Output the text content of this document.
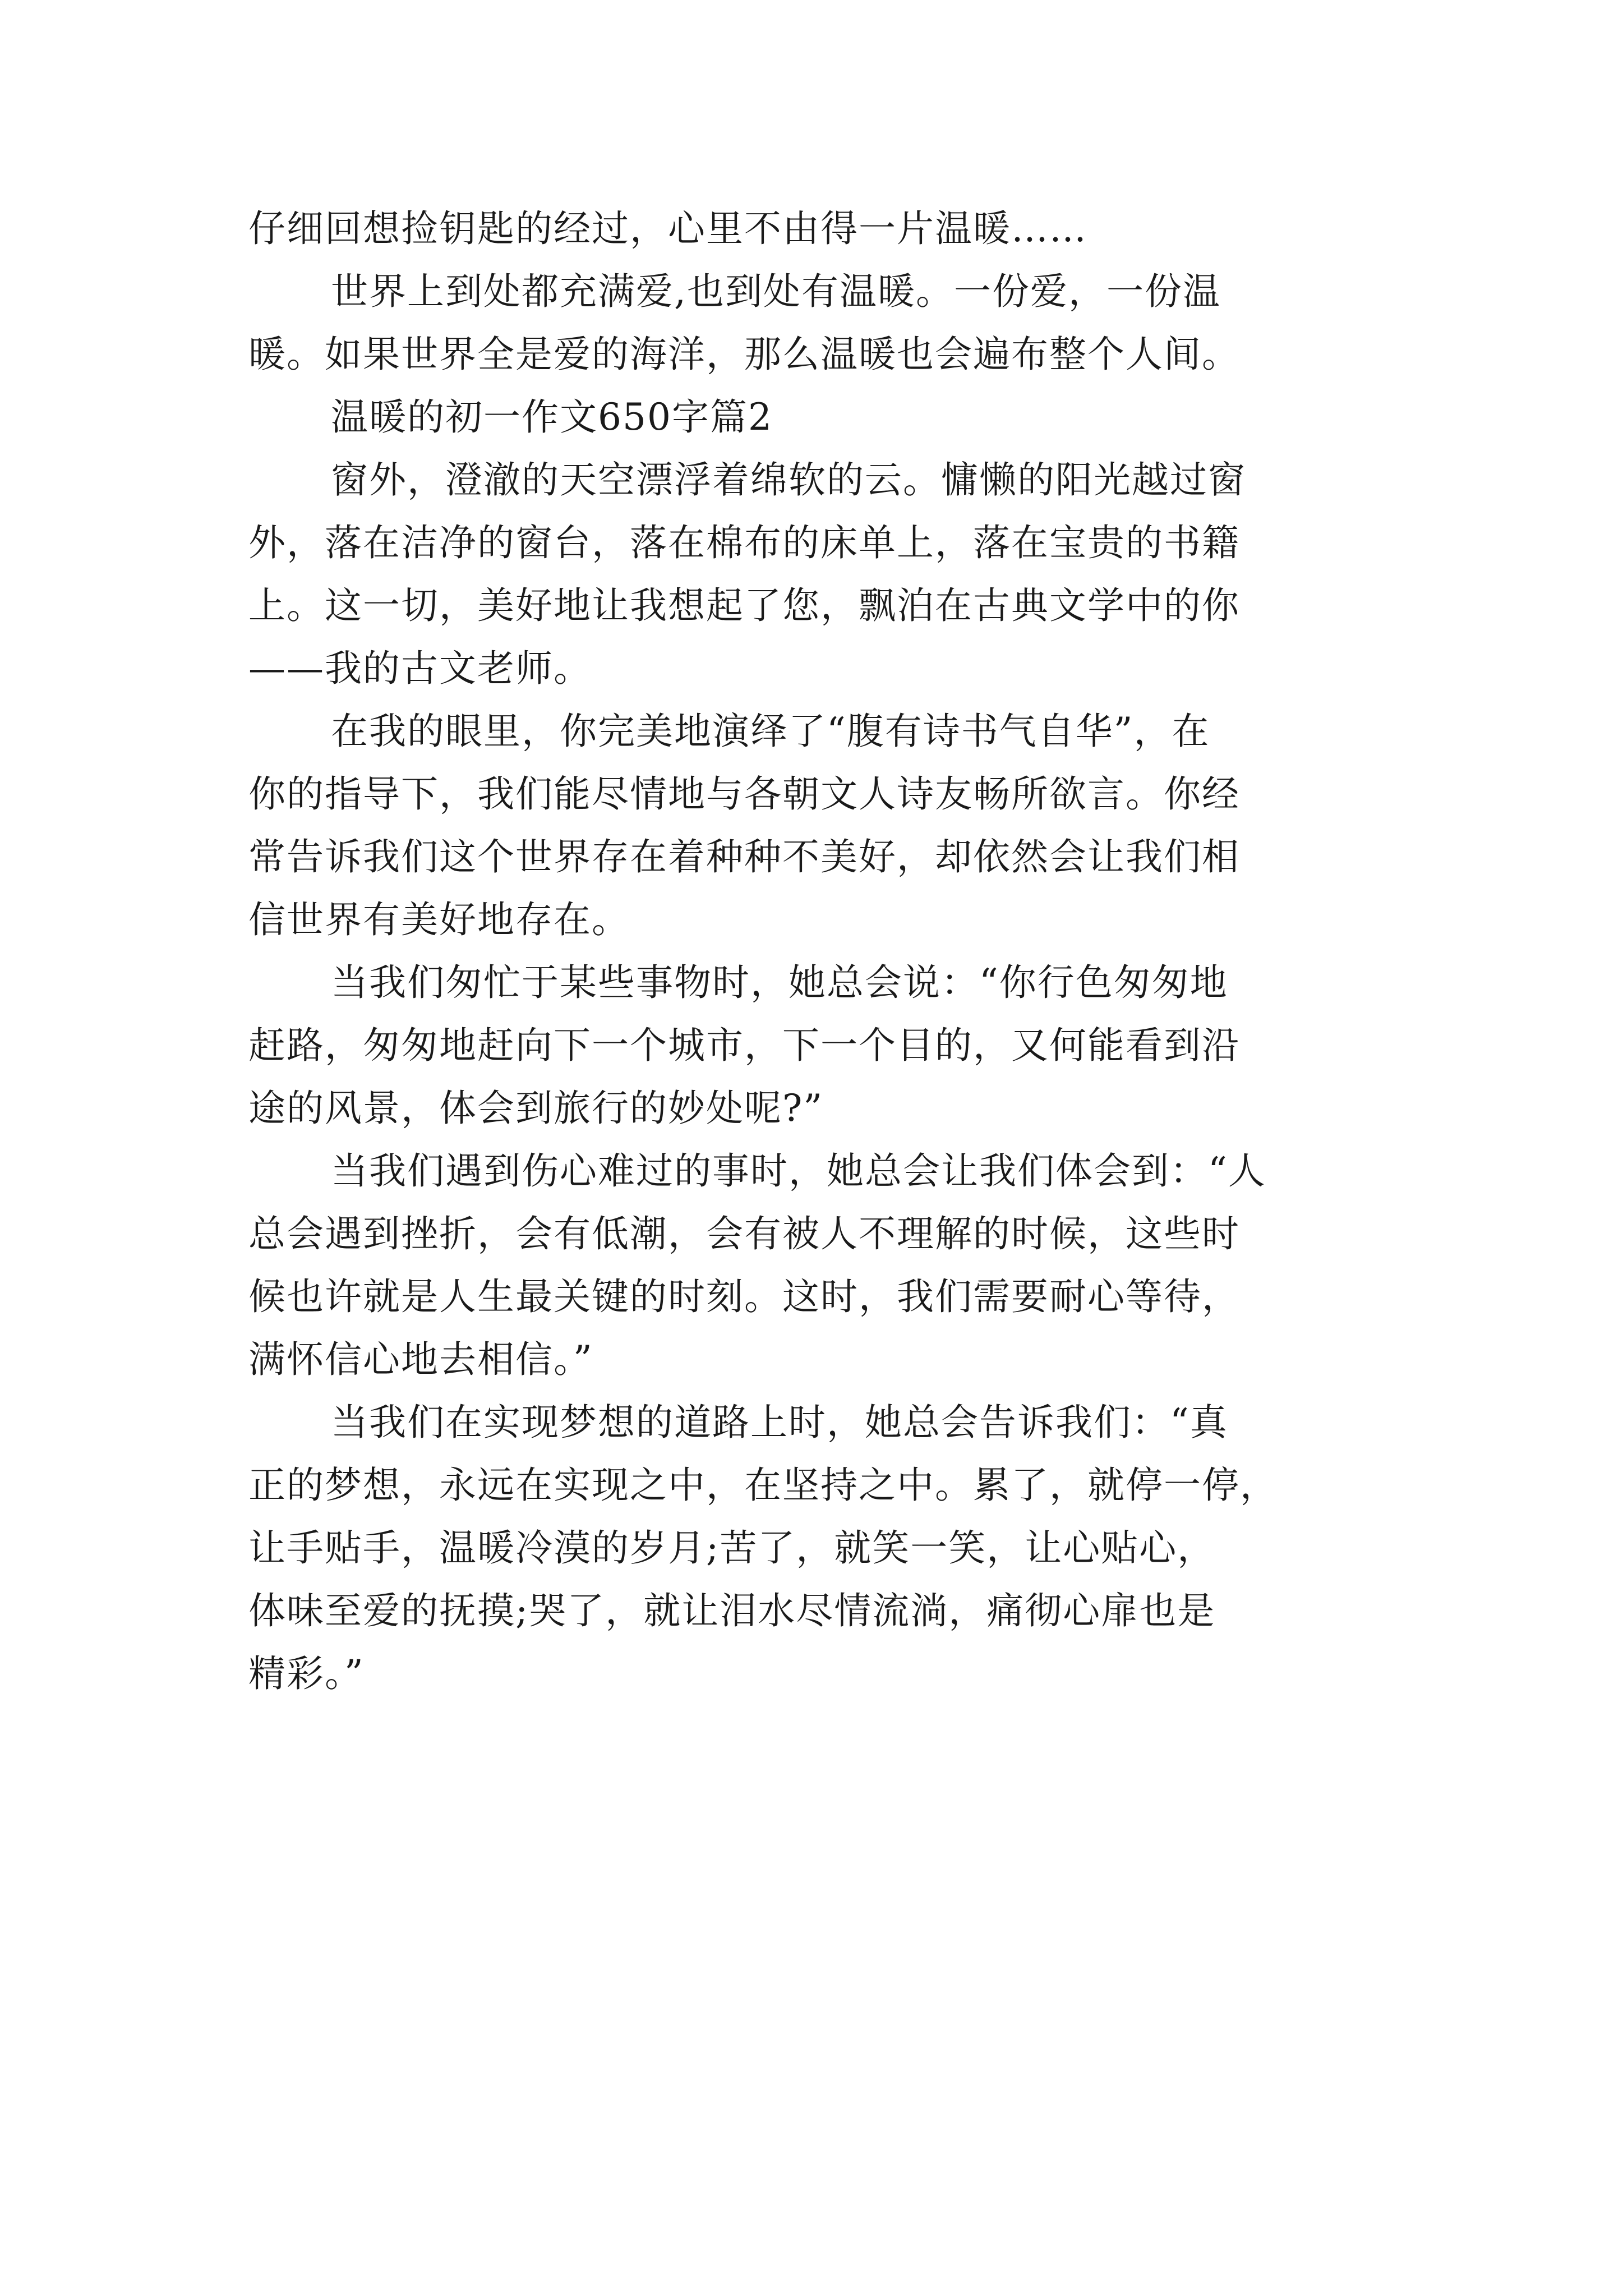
仔细回想捡钥匙的经过，心里不由得一片温暖……
世界上到处都充满爱,也到处有温暖。一份爱，一份温
暖。如果世界全是爱的海洋，那么温暖也会遍布整个人间。
温暖的初一作文650字篇2
窗外，澄澈的天空漂浮着绵软的云。慵懒的阳光越过窗
外，落在洁净的窗台，落在棉布的床单上，落在宝贵的书籍
上。这一切，美好地让我想起了您，飘泊在古典文学中的你
——我的古文老师。
在我的眼里，你完美地演绎了“腹有诗书气自华”，在
你的指导下，我们能尽情地与各朝文人诗友畅所欲言。你经
常告诉我们这个世界存在着种种不美好，却依然会让我们相
信世界有美好地存在。
当我们匆忙于某些事物时，她总会说：“你行色匆匆地
赶路，匆匆地赶向下一个城市，下一个目的，又何能看到沿
途的风景，体会到旅行的妙处呢?”
当我们遇到伤心难过的事时，她总会让我们体会到：“人
总会遇到挫折，会有低潮，会有被人不理解的时候，这些时
候也许就是人生最关键的时刻。这时，我们需要耐心等待，
满怀信心地去相信。”
当我们在实现梦想的道路上时，她总会告诉我们：“真
正的梦想，永远在实现之中，在坚持之中。累了，就停一停，
让手贴手，温暖冷漠的岁月;苦了，就笑一笑，让心贴心，
体味至爱的抚摸;哭了，就让泪水尽情流淌，痛彻心扉也是
精彩。”
